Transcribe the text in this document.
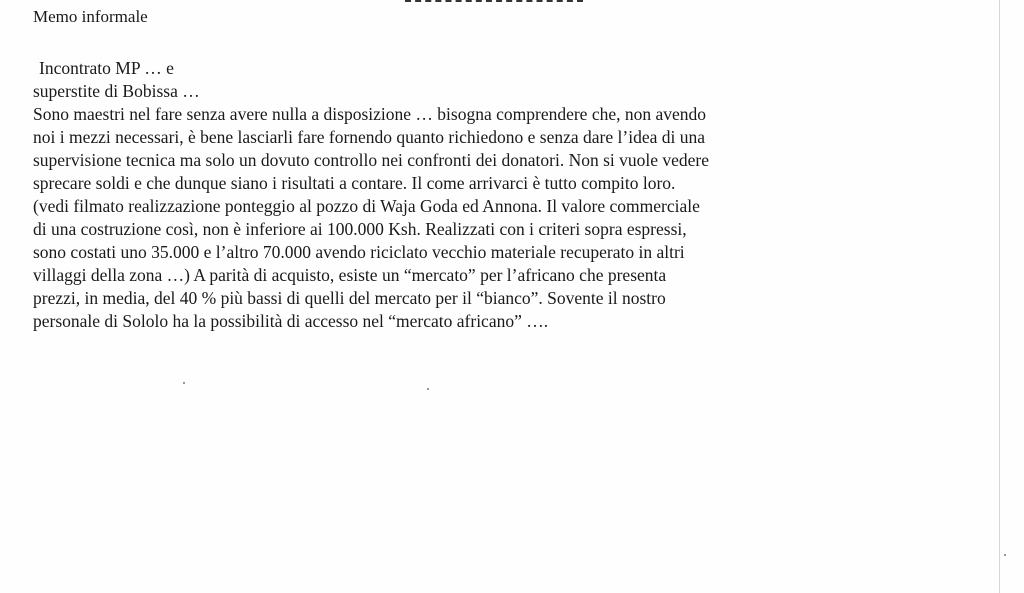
Memo informale
Incontrato MP … e
superstite di Bobissa …
Sono maestri nel fare senza avere nulla a disposizione … bisogna comprendere che, non avendo
noi i mezzi necessari, è bene lasciarli fare fornendo quanto richiedono e senza dare l’idea di una
supervisione tecnica ma solo un dovuto controllo nei confronti dei donatori. Non si vuole vedere
sprecare soldi e che dunque siano i risultati a contare. Il come arrivarci è tutto compito loro.
(vedi filmato realizzazione ponteggio al pozzo di Waja Goda ed Annona. Il valore commerciale
di una costruzione così, non è inferiore ai 100.000 Ksh. Realizzati con i criteri sopra espressi,
sono costati uno 35.000 e l’altro 70.000 avendo riciclato vecchio materiale recuperato in altri
villaggi della zona …) A parità di acquisto, esiste un “mercato” per l’africano che presenta
prezzi, in media, del 40 % più bassi di quelli del mercato per il “bianco”. Sovente il nostro
personale di Sololo ha la possibilità di accesso nel “mercato africano” ….
